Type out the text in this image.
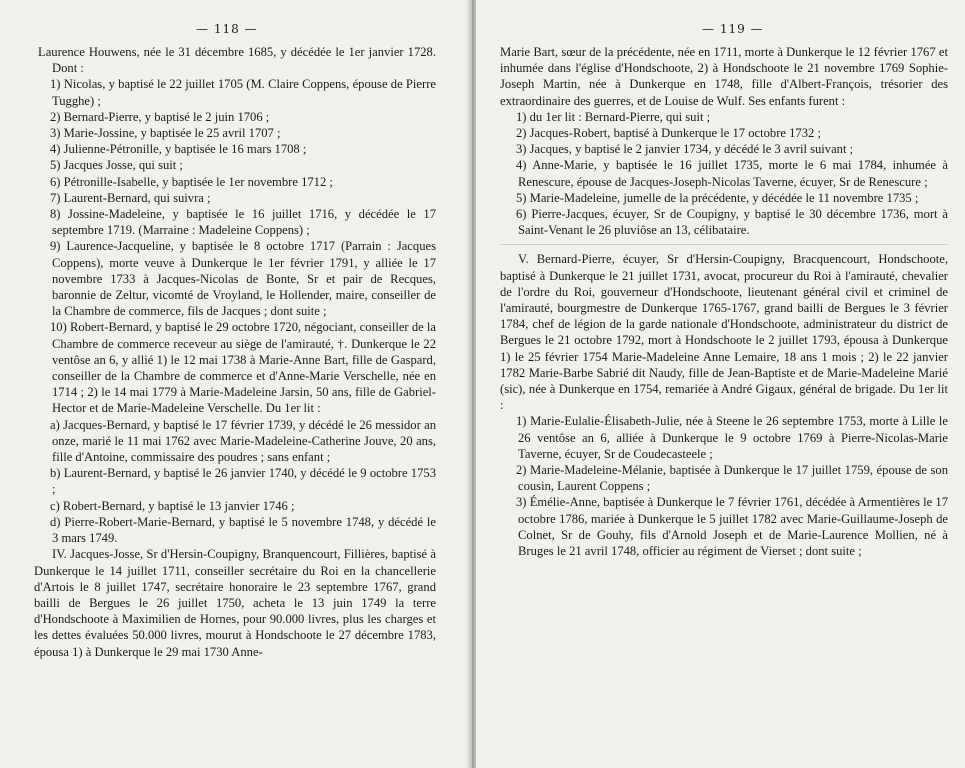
— 118 —

Laurence Houwens, née le 31 décembre 1685, y décédée le 1er janvier 1728. Dont :

1) Nicolas, y baptisé le 22 juillet 1705 (M. Claire Coppens, épouse de Pierre Tugghe) ;

2) Bernard-Pierre, y baptisé le 2 juin 1706 ;

3) Marie-Jossine, y baptisée le 25 avril 1707 ;

4) Julienne-Pétronille, y baptisée le 16 mars 1708 ;

5) Jacques Josse, qui suit ;

6) Pétronille-Isabelle, y baptisée le 1er novembre 1712 ;

7) Laurent-Bernard, qui suivra ;

8) Jossine-Madeleine, y baptisée le 16 juillet 1716, y décédée le 17 septembre 1719. (Marraine : Madeleine Coppens) ;

9) Laurence-Jacqueline, y baptisée le 8 octobre 1717 (Parrain : Jacques Coppens), morte veuve à Dunkerque le 1er février 1791, y alliée le 17 novembre 1733 à Jacques-Nicolas de Bonte, Sr et pair de Recques, baronnie de Zeltur, vicomté de Vroyland, le Hollender, maire, conseiller de la Chambre de commerce, fils de Jacques ; dont suite ;

10) Robert-Bernard, y baptisé le 29 octobre 1720, négociant, conseiller de la Chambre de commerce receveur au siège de l'amirauté, †. Dunkerque le 22 ventôse an 6, y allié 1) le 12 mai 1738 à Marie-Anne Bart, fille de Gaspard, conseiller de la Chambre de commerce et d'Anne-Marie Verschelle, née en 1714 ; 2) le 14 mai 1779 à Marie-Madeleine Jarsin, 50 ans, fille de Gabriel-Hector et de Marie-Madeleine Verschelle. Du 1er lit :

a) Jacques-Bernard, y baptisé le 17 février 1739, y décédé le 26 messidor an onze, marié le 11 mai 1762 avec Marie-Madeleine-Catherine Jouve, 20 ans, fille d'Antoine, commissaire des poudres ; sans enfant ;

b) Laurent-Bernard, y baptisé le 26 janvier 1740, y décédé le 9 octobre 1753 ;

c) Robert-Bernard, y baptisé le 13 janvier 1746 ;

d) Pierre-Robert-Marie-Bernard, y baptisé le 5 novembre 1748, y décédé le 3 mars 1749.

IV. Jacques-Josse, Sr d'Hersin-Coupigny, Branquencourt, Fillières, baptisé à Dunkerque le 14 juillet 1711, conseiller secrétaire du Roi en la chancellerie d'Artois le 8 juillet 1747, secrétaire honoraire le 23 septembre 1767, grand bailli de Bergues le 26 juillet 1750, acheta le 13 juin 1749 la terre d'Hondschoote à Maximilien de Hornes, pour 90.000 livres, plus les charges et les dettes évaluées 50.000 livres, mourut à Hondschoote le 27 décembre 1783, épousa 1) à Dunkerque le 29 mai 1730 Anne-

— 119 —

Marie Bart, sœur de la précédente, née en 1711, morte à Dunkerque le 12 février 1767 et inhumée dans l'église d'Hondschoote, 2) à Hondschoote le 21 novembre 1769 Sophie-Joseph Martin, née à Dunkerque en 1748, fille d'Albert-François, trésorier des extraordinaire des guerres, et de Louise de Wulf. Ses enfants furent :

1) du 1er lit : Bernard-Pierre, qui suit ;

2) Jacques-Robert, baptisé à Dunkerque le 17 octobre 1732 ;

3) Jacques, y baptisé le 2 janvier 1734, y décédé le 3 avril suivant ;

4) Anne-Marie, y baptisée le 16 juillet 1735, morte le 6 mai 1784, inhumée à Renescure, épouse de Jacques-Joseph-Nicolas Taverne, écuyer, Sr de Renescure ;

5) Marie-Madeleine, jumelle de la précédente, y décédée le 11 novembre 1735 ;

6) Pierre-Jacques, écuyer, Sr de Coupigny, y baptisé le 30 décembre 1736, mort à Saint-Venant le 26 pluviôse an 13, célibataire.

V. Bernard-Pierre, écuyer, Sr d'Hersin-Coupigny, Bracquencourt, Hondschoote, baptisé à Dunkerque le 21 juillet 1731, avocat, procureur du Roi à l'amirauté, chevalier de l'ordre du Roi, gouverneur d'Hondschoote, lieutenant général civil et criminel de l'amirauté, bourgmestre de Dunkerque 1765-1767, grand bailli de Bergues le 3 février 1784, chef de légion de la garde nationale d'Hondschoote, administrateur du district de Bergues le 21 octobre 1792, mort à Hondschoote le 2 juillet 1793, épousa à Dunkerque 1) le 25 février 1754 Marie-Madeleine Anne Lemaire, 18 ans 1 mois ; 2) le 22 janvier 1782 Marie-Barbe Sabrié dit Naudy, fille de Jean-Baptiste et de Marie-Madeleine Marié (sic), née à Dunkerque en 1754, remariée à André Gigaux, général de brigade. Du 1er lit :

1) Marie-Eulalie-Élisabeth-Julie, née à Steene le 26 septembre 1753, morte à Lille le 26 ventôse an 6, alliée à Dunkerque le 9 octobre 1769 à Pierre-Nicolas-Marie Taverne, écuyer, Sr de Coudecasteele ;

2) Marie-Madeleine-Mélanie, baptisée à Dunkerque le 17 juillet 1759, épouse de son cousin, Laurent Coppens ;

3) Émélie-Anne, baptisée à Dunkerque le 7 février 1761, décédée à Armentières le 17 octobre 1786, mariée à Dunkerque le 5 juillet 1782 avec Marie-Guillaume-Joseph de Colnet, Sr de Gouhy, fils d'Arnold Joseph et de Marie-Laurence Mollien, né à Bruges le 21 avril 1748, officier au régiment de Vierset ; dont suite ;
